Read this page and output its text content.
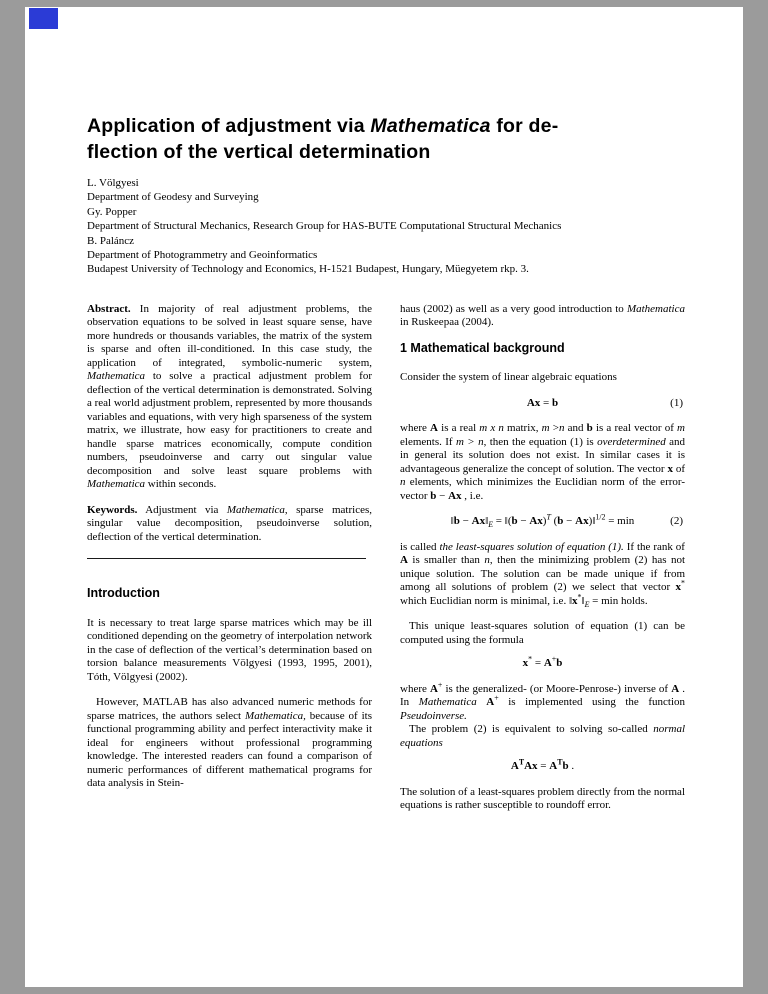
Application of adjustment via Mathematica for de-
flection of the vertical determination
L. Völgyesi
Department of Geodesy and Surveying
Gy. Popper
Department of Structural Mechanics, Research Group for HAS-BUTE Computational Structural Mechanics
B. Paláncz
Department of Photogrammetry and Geoinformatics
Budapest University of Technology and Economics, H-1521 Budapest, Hungary, Müegyetem rkp. 3.

Abstract. In majority of real adjustment problems, the observation equations to be solved in least square sense, have more hundreds or thousands variables, the matrix of the system is sparse and often ill-conditioned. In this case study, the application of integrated, symbolic-numeric system, Mathematica to solve a practical adjustment problem for deflection of the vertical determination is demonstrated. Solving a real world adjustment problem, represented by more thousands variables and equations, with very high sparseness of the system matrix, we illustrate, how easy for practitioners to create and handle sparse matrices economically, compute condition numbers, pseudoinverse and carry out singular value decomposition and solve least square problems with Mathematica within seconds.

Keywords. Adjustment via Mathematica, sparse matrices, singular value decomposition, pseudoinverse solution, deflection of the vertical determination.

Introduction

It is necessary to treat large sparse matrices which may be ill conditioned depending on the geometry of interpolation network in the case of deflection of the vertical’s determination based on torsion balance measurements Völgyesi (1993, 1995, 2001), Tóth, Völgyesi (2002).

However, MATLAB has also advanced numeric methods for sparse matrices, the authors select Mathematica, because of its functional programming ability and perfect interactivity make it ideal for engineers without professional programming knowledge. The interested readers can found a comparison of numeric performances of different mathematical programs for data analysis in Stein-

haus (2002) as well as a very good introduction to Mathematica in Ruskeepaa (2004).

1 Mathematical background

Consider the system of linear algebraic equations

Ax = b	(1)

where A is a real m x n matrix, m >n and b is a real vector of m elements. If m > n, then the equation (1) is overdetermined and in general its solution does not exist. In similar cases it is advantageous generalize the concept of solution. The vector x of n elements, which minimizes the Euclidian norm of the error-vector b − Ax , i.e.

‖b − $Ax‖_E$ = ‖(b − Ax)$^T$ (b − Ax)‖$^{1/2}$ = min	(2)

is called the least-squares solution of equation (1). If the rank of A is smaller than n, then the minimizing problem (2) has not unique solution. The solution can be made unique if from among all solutions of problem (2) we select that vector x* which Euclidian norm is minimal, i.e. $‖x^*‖_E = \min$ holds.

This unique least-squares solution of equation (1) can be computed using the formula

x* = A+b

where A+ is the generalized- (or Moore-Penrose-) inverse of A . In Mathematica A+ is implemented using the function Pseudoinverse.

The problem (2) is equivalent to solving so-called normal equations

$A^TAx = A^Tb$ .

The solution of a least-squares problem directly from the normal equations is rather susceptible to roundoff error.
